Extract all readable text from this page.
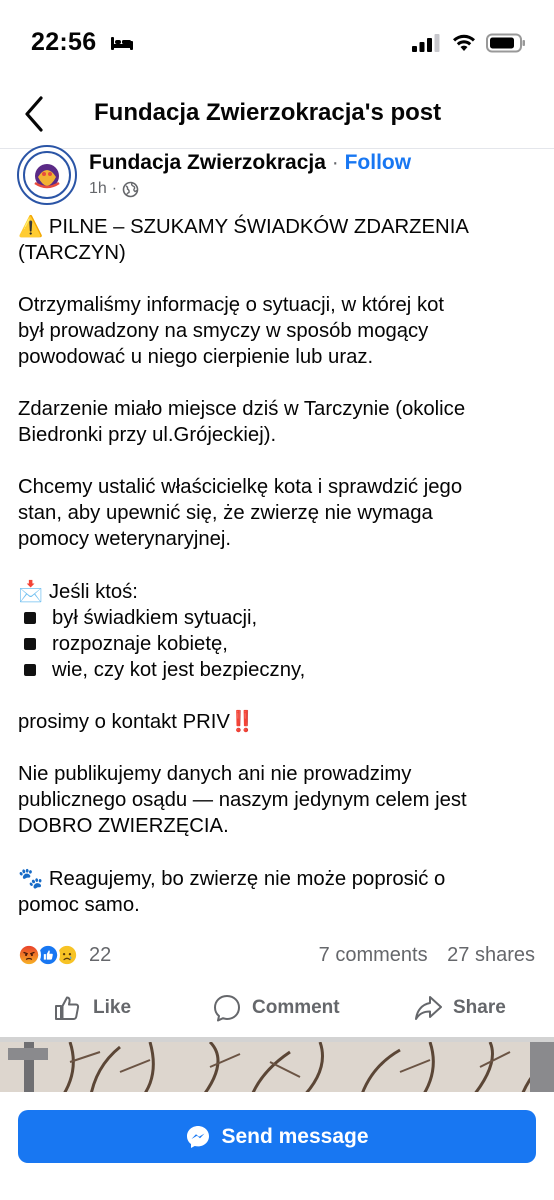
22:56
Fundacja Zwierzokracja's post
Fundacja Zwierzokracja · Follow
1h ·

⚠️ PILNE – SZUKAMY ŚWIADKÓW ZDARZENIA
(TARCZYN)

Otrzymaliśmy informację o sytuacji, w której kot
był prowadzony na smyczy w sposób mogący
powodować u niego cierpienie lub uraz.

Zdarzenie miało miejsce dziś w Tarczynie (okolice
Biedronki przy ul.Grójeckiej).

Chcemy ustalić właścicielkę kota i sprawdzić jego
stan, aby upewnić się, że zwierzę nie wymaga
pomocy weterynaryjnej.

📩 Jeśli ktoś:
był świadkiem sytuacji,
rozpoznaje kobietę,
wie, czy kot jest bezpieczny,

prosimy o kontakt PRIV‼️

Nie publikujemy danych ani nie prowadzimy
publicznego osądu — naszym jedynym celem jest
DOBRO ZWIERZĘCIA.

🐾 Reagujemy, bo zwierzę nie może poprosić o
pomoc samo.

22	7 comments 27 shares
Like	Comment	Share
Send message
